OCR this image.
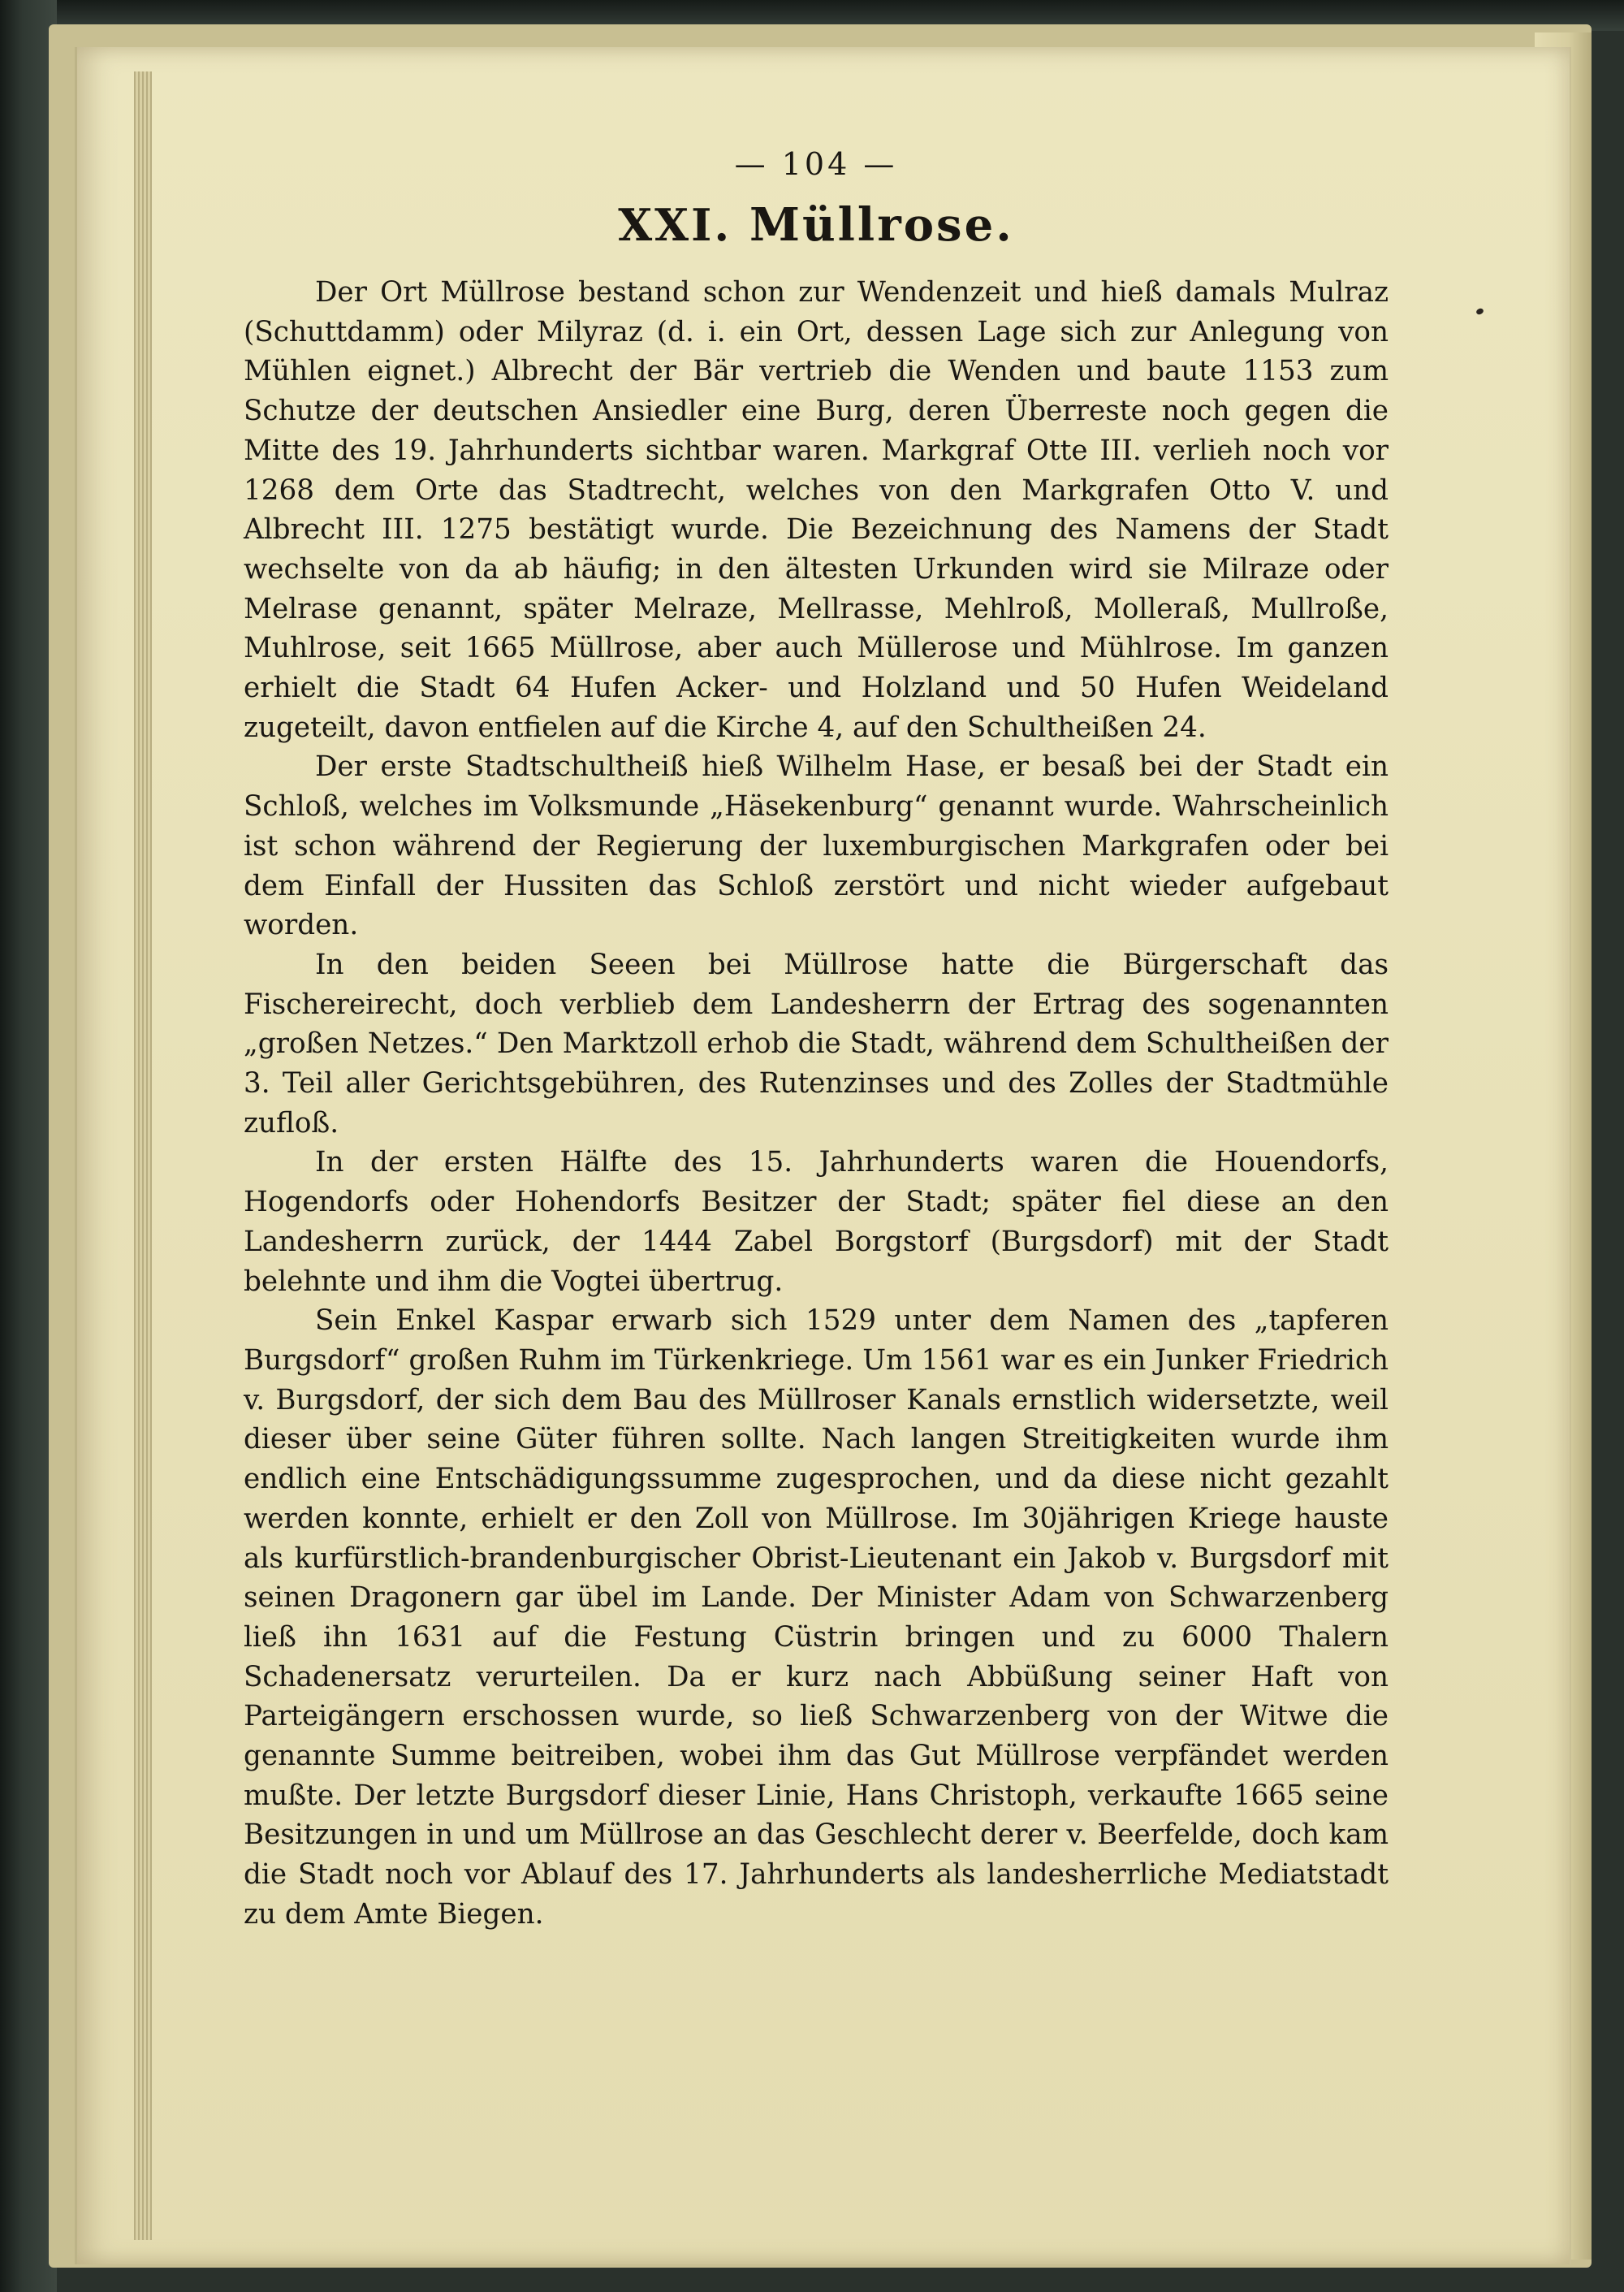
— 104 —
XXI. Müllrose.

Der Ort Müllrose bestand schon zur Wendenzeit und hieß damals Mulraz (Schuttdamm) oder Milyraz (d. i. ein Ort, dessen Lage sich zur Anlegung von Mühlen eignet.) Albrecht der Bär vertrieb die Wenden und baute 1153 zum Schutze der deutschen Ansiedler eine Burg, deren Überreste noch gegen die Mitte des 19. Jahrhunderts sichtbar waren. Markgraf Otte III. verlieh noch vor 1268 dem Orte das Stadtrecht, welches von den Markgrafen Otto V. und Albrecht III. 1275 bestätigt wurde. Die Bezeichnung des Namens der Stadt wechselte von da ab häufig; in den ältesten Urkunden wird sie Milraze oder Melrase genannt, später Melraze, Mellrasse, Mehlroß, Molleraß, Mullroße, Muhlrose, seit 1665 Müllrose, aber auch Müllerose und Mühlrose. Im ganzen erhielt die Stadt 64 Hufen Acker- und Holzland und 50 Hufen Weideland zugeteilt, davon entfielen auf die Kirche 4, auf den Schultheißen 24.

Der erste Stadtschultheiß hieß Wilhelm Hase, er besaß bei der Stadt ein Schloß, welches im Volksmunde „Häsekenburg“ genannt wurde. Wahrscheinlich ist schon während der Regierung der luxemburgischen Markgrafen oder bei dem Einfall der Hussiten das Schloß zerstört und nicht wieder aufgebaut worden.

In den beiden Seeen bei Müllrose hatte die Bürgerschaft das Fischereirecht, doch verblieb dem Landesherrn der Ertrag des sogenannten „großen Netzes.“ Den Marktzoll erhob die Stadt, während dem Schultheißen der 3. Teil aller Gerichtsgebühren, des Rutenzinses und des Zolles der Stadtmühle zufloß.

In der ersten Hälfte des 15. Jahrhunderts waren die Houendorfs, Hogendorfs oder Hohendorfs Besitzer der Stadt; später fiel diese an den Landesherrn zurück, der 1444 Zabel Borgstorf (Burgsdorf) mit der Stadt belehnte und ihm die Vogtei übertrug.

Sein Enkel Kaspar erwarb sich 1529 unter dem Namen des „tapferen Burgsdorf“ großen Ruhm im Türkenkriege. Um 1561 war es ein Junker Friedrich v. Burgsdorf, der sich dem Bau des Müllroser Kanals ernstlich widersetzte, weil dieser über seine Güter führen sollte. Nach langen Streitigkeiten wurde ihm endlich eine Entschädigungssumme zugesprochen, und da diese nicht gezahlt werden konnte, erhielt er den Zoll von Müllrose. Im 30jährigen Kriege hauste als kurfürstlich-brandenburgischer Obrist-Lieutenant ein Jakob v. Burgsdorf mit seinen Dragonern gar übel im Lande. Der Minister Adam von Schwarzenberg ließ ihn 1631 auf die Festung Cüstrin bringen und zu 6000 Thalern Schadenersatz verurteilen. Da er kurz nach Abbüßung seiner Haft von Parteigängern erschossen wurde, so ließ Schwarzenberg von der Witwe die genannte Summe beitreiben, wobei ihm das Gut Müllrose verpfändet werden mußte. Der letzte Burgsdorf dieser Linie, Hans Christoph, verkaufte 1665 seine Besitzungen in und um Müllrose an das Geschlecht derer v. Beerfelde, doch kam die Stadt noch vor Ablauf des 17. Jahrhunderts als landesherrliche Mediatstadt zu dem Amte Biegen.
